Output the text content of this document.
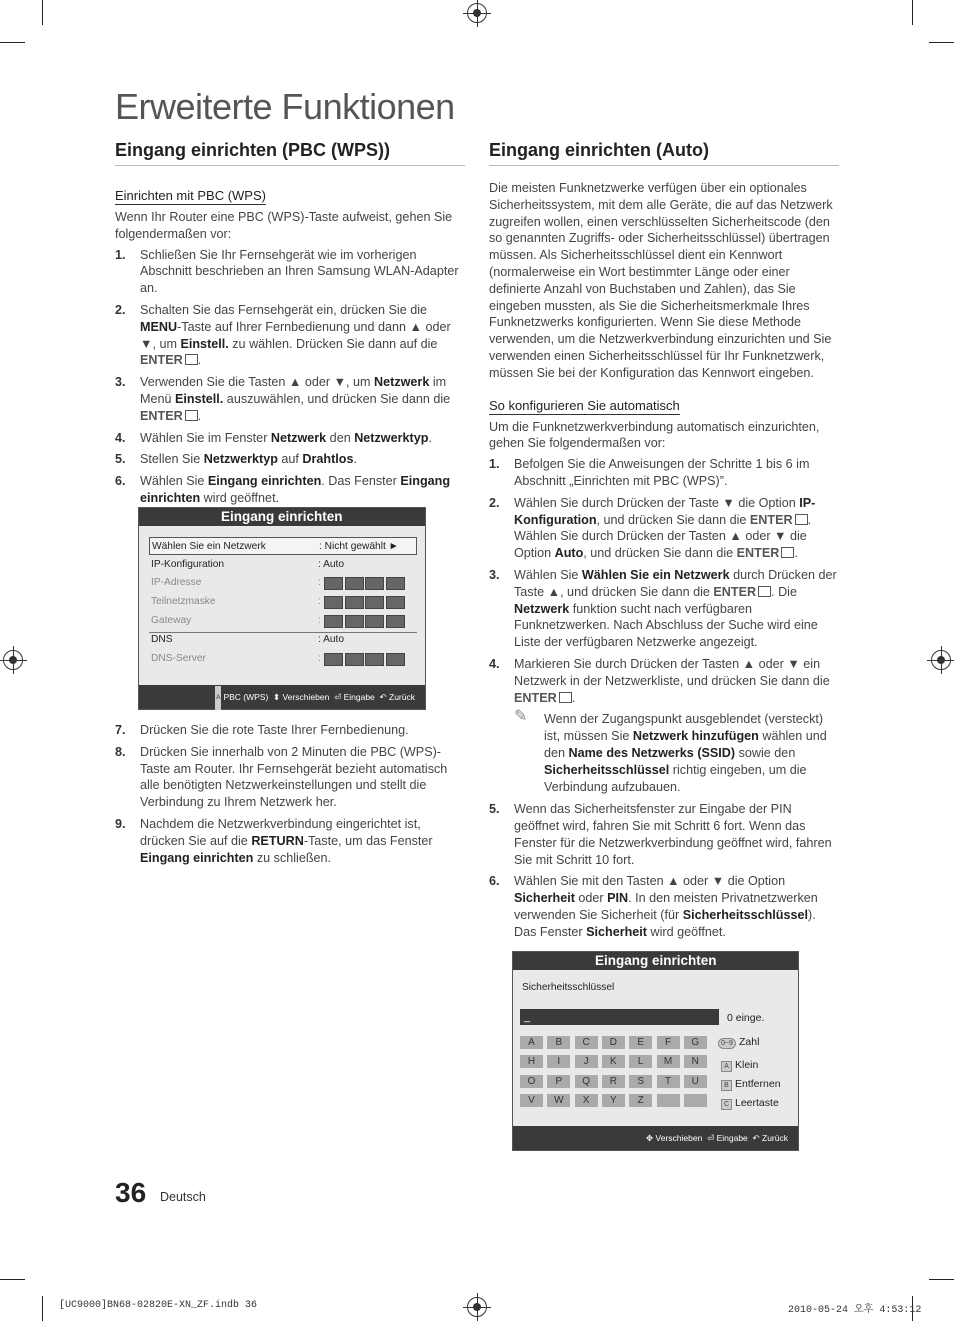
Erweiterte Funktionen
Eingang einrichten (PBC (WPS))
Einrichten mit PBC (WPS)

Wenn Ihr Router eine PBC (WPS)-Taste aufweist, gehen Sie folgendermaßen vor:

1. Schließen Sie Ihr Fernsehgerät wie im vorherigen Abschnitt beschrieben an Ihren Samsung WLAN-Adapter an.
2. Schalten Sie das Fernsehgerät ein, drücken Sie die MENU-Taste auf Ihrer Fernbedienung und dann ▲ oder ▼, um Einstell. zu wählen. Drücken Sie dann auf die ENTER .
3. Verwenden Sie die Tasten ▲ oder ▼, um Netzwerk im Menü Einstell. auszuwählen, und drücken Sie dann die ENTER .
4. Wählen Sie im Fenster Netzwerk den Netzwerktyp.
5. Stellen Sie Netzwerktyp auf Drahtlos.
6. Wählen Sie Eingang einrichten. Das Fenster Eingang einrichten wird geöffnet.
Eingang einrichten
Wählen Sie ein Netzwerk	: Nicht gewählt ►
IP-Konfiguration	: Auto
IP-Adresse	:
Teilnetzmaske	:
Gateway	:
DNS	: Auto
DNS-Server	:
A PBC (WPS) ⬍ Verschieben ⏎ Eingabe ↶ Zurück
7. Drücken Sie die rote Taste Ihrer Fernbedienung.
8. Drücken Sie innerhalb von 2 Minuten die PBC (WPS)-Taste am Router. Ihr Fernsehgerät bezieht automatisch alle benötigten Netzwerkeinstellungen und stellt die Verbindung zu Ihrem Netzwerk her.
9. Nachdem die Netzwerkverbindung eingerichtet ist, drücken Sie auf die RETURN-Taste, um das Fenster Eingang einrichten zu schließen.
Eingang einrichten (Auto)

Die meisten Funknetzwerke verfügen über ein optionales Sicherheitssystem, mit dem alle Geräte, die auf das Netzwerk zugreifen wollen, einen verschlüsselten Sicherheitscode (den so genannten Zugriffs- oder Sicherheitsschlüssel) übertragen müssen. Als Sicherheitsschlüssel dient ein Kennwort (normalerweise ein Wort bestimmter Länge oder einer definierte Anzahl von Buchstaben und Zahlen), das Sie eingeben mussten, als Sie die Sicherheitsmerkmale Ihres Funknetzwerks konfigurierten. Wenn Sie diese Methode verwenden, um die Netzwerkverbindung einzurichten und Sie verwenden einen Sicherheitsschlüssel für Ihr Funknetzwerk, müssen Sie bei der Konfiguration das Kennwort eingeben.

So konfigurieren Sie automatisch

Um die Funknetzwerkverbindung automatisch einzurichten, gehen Sie folgendermaßen vor:

1. Befolgen Sie die Anweisungen der Schritte 1 bis 6 im Abschnitt „Einrichten mit PBC (WPS)”.
2. Wählen Sie durch Drücken der Taste ▼ die Option IP-Konfiguration, und drücken Sie dann die ENTER . Wählen Sie durch Drücken der Tasten ▲ oder ▼ die Option Auto, und drücken Sie dann die ENTER .
3. Wählen Sie Wählen Sie ein Netzwerk durch Drücken der Taste ▲, und drücken Sie dann die ENTER . Die Netzwerk funktion sucht nach verfügbaren Funknetzwerken. Nach Abschluss der Suche wird eine Liste der verfügbaren Netzwerke angezeigt.
4. Markieren Sie durch Drücken der Tasten ▲ oder ▼ ein Netzwerk in der Netzwerkliste, und drücken Sie dann die ENTER .
✎ Wenn der Zugangspunkt ausgeblendet (versteckt) ist, müssen Sie Netzwerk hinzufügen wählen und den Name des Netzwerks (SSID) sowie den Sicherheitsschlüssel richtig eingeben, um die Verbindung aufzubauen.
5. Wenn das Sicherheitsfenster zur Eingabe der PIN geöffnet wird, fahren Sie mit Schritt 6 fort. Wenn das Fenster für die Netzwerkverbindung geöffnet wird, fahren Sie mit Schritt 10 fort.
6. Wählen Sie mit den Tasten ▲ oder ▼ die Option Sicherheit oder PIN. In den meisten Privatnetzwerken verwenden Sie Sicherheit (für Sicherheitsschlüssel). Das Fenster Sicherheit wird geöffnet.
Eingang einrichten
Sicherheitsschlüssel
_	0 einge.
A	B	C	D	E	F	G
H	I	J	K	L	M	N
O	P	Q	R	S	T	U
V	W	X	Y	Z
0~9 Zahl
A Klein
B Entfernen
C Leertaste
✥ Verschieben ⏎ Eingabe ↶ Zurück
36 Deutsch
[UC9000]BN68-02820E-XN_ZF.indb 36	2010-05-24 오후 4:53:12
